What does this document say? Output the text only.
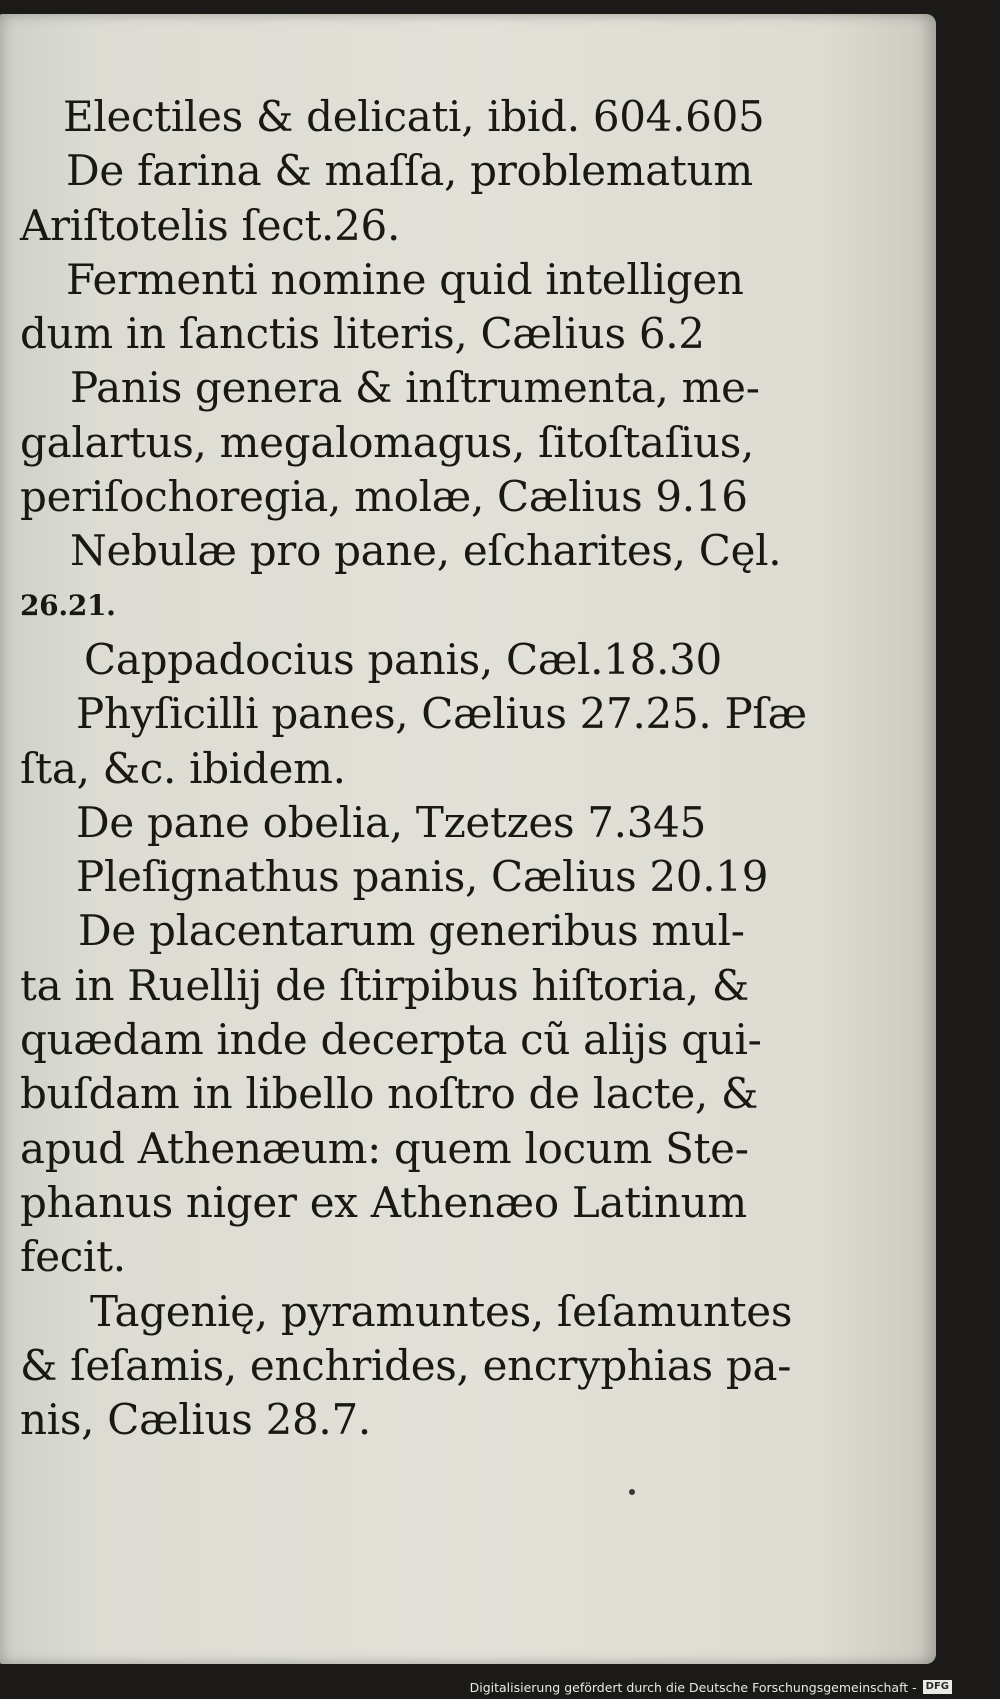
Electiles & delicati, ibid. 604.605
De farina & maſſa, problematum
Ariſtotelis ſect.26.
Fermenti nomine quid intelligen
dum in ſanctis literis, Cælius 6.2
Panis genera & inſtrumenta, me-
galartus, megalomagus, ſitoſtaſius,
periſochoregia, molæ, Cælius 9.16
Nebulæ pro pane, eſcharites, Cęl.
26.21.
Cappadocius panis, Cæl.18.30
Phyſicilli panes, Cælius 27.25. Pſæ
ſta, &c. ibidem.
De pane obelia, Tzetzes 7.345
Pleſignathus panis, Cælius 20.19
De placentarum generibus mul-
ta in Ruellij de ſtirpibus hiſtoria, &
quædam inde decerpta cũ alijs qui-
buſdam in libello noſtro de lacte, &
apud Athenæum: quem locum Ste-
phanus niger ex Athenæo Latinum
fecit.
Tagenię, pyramuntes, ſeſamuntes
& ſeſamis, enchrides, encryphias pa-
nis, Cælius 28.7.
Digitalisierung gefördert durch die Deutsche Forschungsgemeinschaft - DFG
